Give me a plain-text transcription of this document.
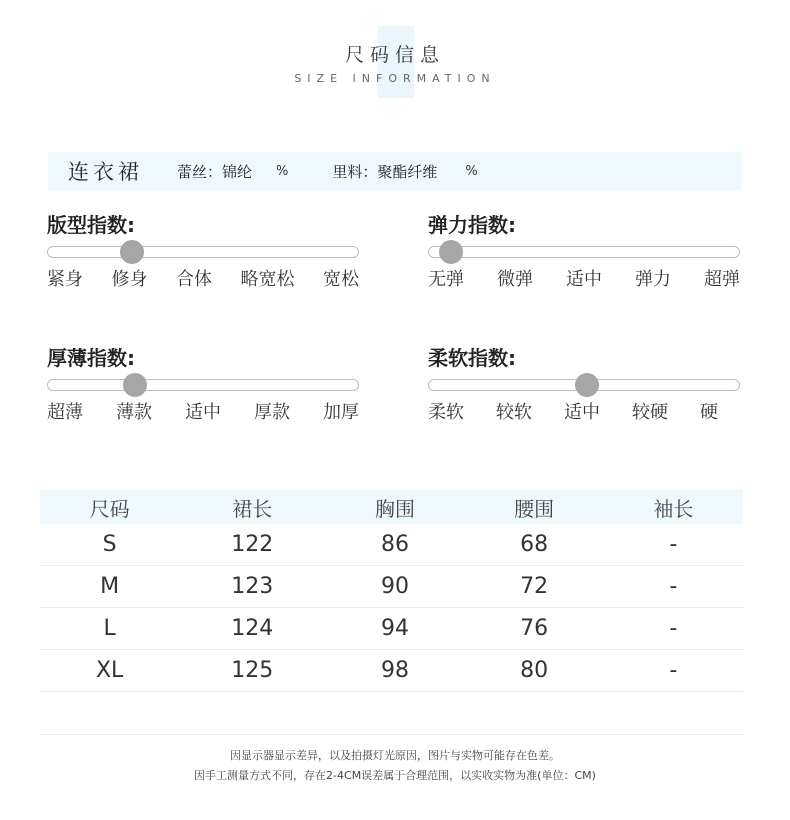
尺码信息
SIZE INFORMATION
连衣裙 蕾丝：锦纶 %	里料：聚酯纤维 %
版型指数:
紧身 修身 合体 略宽松 宽松
弹力指数:
无弹 微弹 适中 弹力 超弹
厚薄指数:
超薄 薄款 适中 厚款 加厚
柔软指数:
柔软 较软 适中 较硬 硬
尺码	裙长	胸围	腰围	袖长
S	122	86	68	-
M	123	90	72	-
L	124	94	76	-
XL	125	98	80	-

因显示器显示差异，以及拍摄灯光原因，图片与实物可能存在色差。
因手工测量方式不同，存在2-4CM误差属于合理范围，以实收实物为准(单位：CM)
